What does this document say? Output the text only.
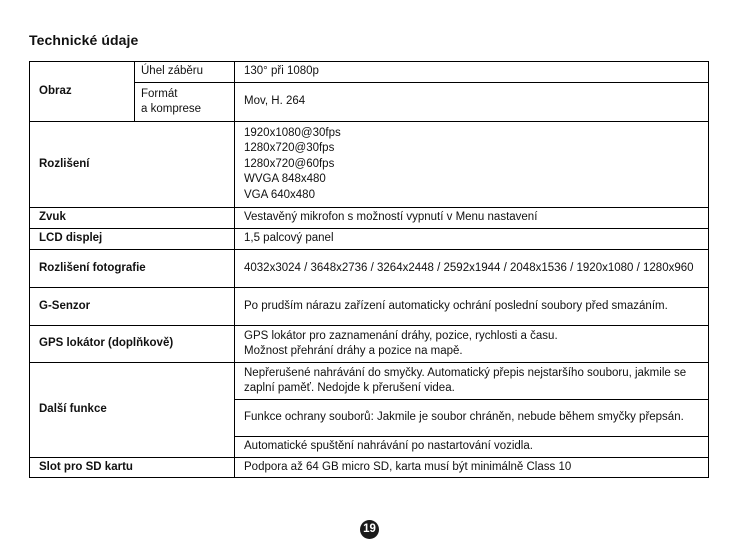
Technické údaje
Obraz	Úhel záběru	130° při 1080p

	Formát
a komprese	Mov, H. 264
Rozlišení		1920x1080@30fps
1280x720@30fps
1280x720@60fps
WVGA 848x480
VGA 640x480

Zvuk		Vestavěný mikrofon s možností vypnutí v Menu nastavení
LCD displej		1,5 palcový panel
Rozlišení fotografie		4032x3024 / 3648x2736 / 3264x2448 / 2592x1944 / 2048x1536 / 1920x1080 / 1280x960
G-Senzor		Po prudším nárazu zařízení automaticky ochrání poslední soubory před smazáním.
GPS lokátor (doplňkově)		GPS lokátor pro zaznamenání dráhy, pozice, rychlosti a času.
Možnost přehrání dráhy a pozice na mapě.

Další funkce		Nepřerušené nahrávání do smyčky. Automatický přepis nejstaršího souboru, jakmile se zaplní paměť. Nedojde k přerušení videa.
		Funkce ochrany souborů: Jakmile je soubor chráněn, nebude během smyčky přepsán.
		Automatické spuštění nahrávání po nastartování vozidla.
Slot pro SD kartu		Podpora až 64 GB micro SD, karta musí být minimálně Class 10
19
